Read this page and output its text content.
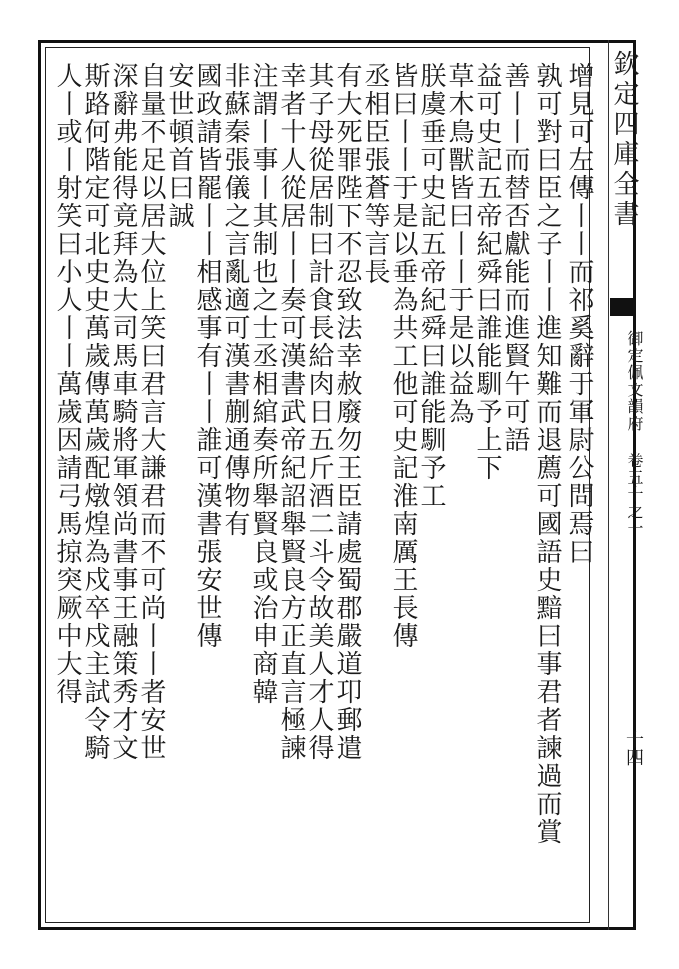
欽定四庫全書
御定佩文韻府 卷五十之一
十四
增見可左傳丨丨而祁奚辭于軍尉公問焉曰
孰可對曰臣之子丨丨進知難而退薦可國語史黯曰事君者諫過而賞
善丨丨而替否獻能而進賢午可語
益可史記五帝紀舜曰誰能馴予上下
草木鳥獸皆曰丨丨于是以益為
朕虞垂可史記五帝紀舜曰誰能馴予工
皆曰丨丨于是以垂為共工他可史記淮南厲王長傳
丞相臣張蒼等言長
有大死罪陛下不忍致法幸赦廢勿王臣請處蜀郡嚴道卭郵遣
其子母從居制曰計食長給肉日五斤酒二斗令故美人才人得
幸者十人從居丨丨奏可漢書武帝紀詔舉賢良方正直言極諫
注謂丨事丨其制也之士丞相綰奏所舉賢良或治申商韓
非蘇秦張儀之言亂適可漢書蒯通傳物有
國政請皆罷丨丨相感事有丨丨誰可漢書張安世傳
安世頓首曰誠
自量不足以居大位上笑曰君言大謙君而不可尚丨丨者安世
深辭弗能得竟拜為大司馬車騎將軍領尚書事王融策秀才文
斯路何階定可北史史萬歲傳萬歲配燉煌為戍卒戍主試令騎
人丨或丨射笑曰小人丨丨萬歲因請弓馬掠突厥中大得
